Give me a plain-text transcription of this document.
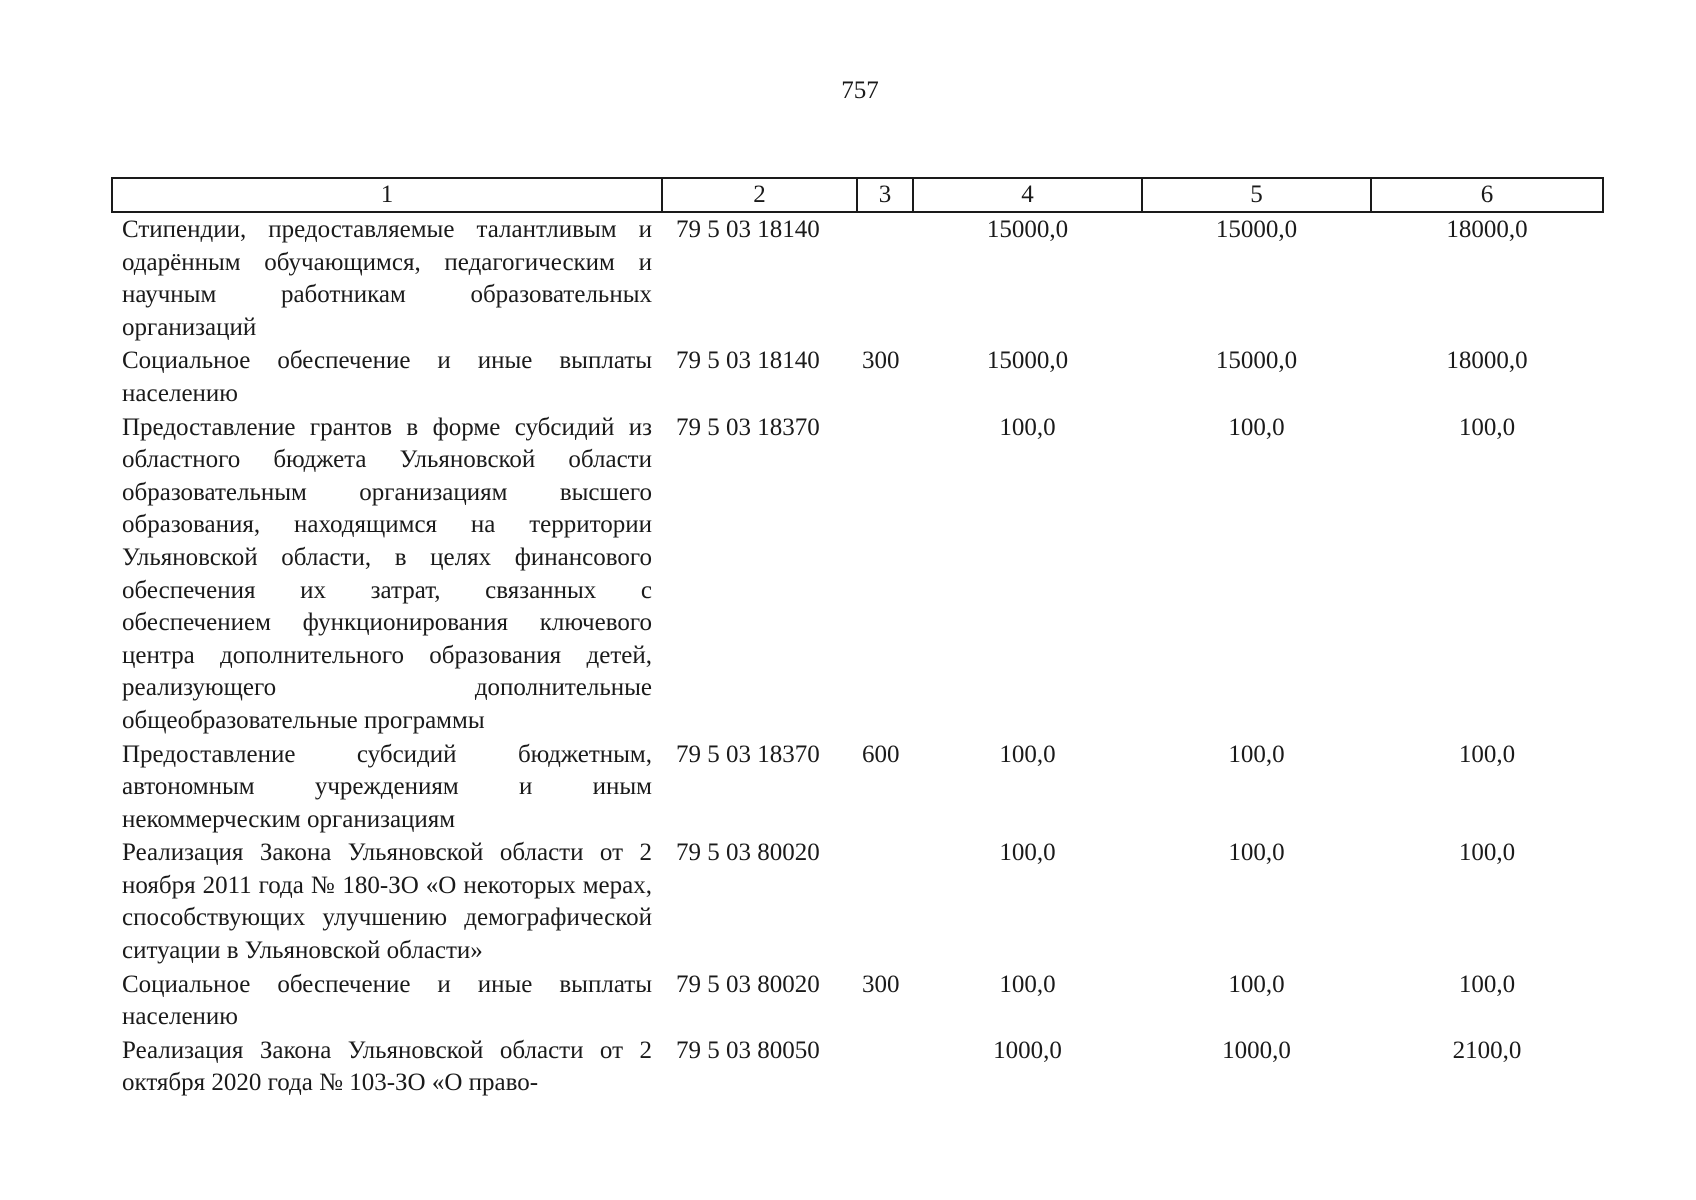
757
1	2	3	4	5	6
Стипендии, предоставляемые талантливым и одарённым обучающимся, педагогическим и научным работникам образовательных организаций	79 5 03 18140		15000,0	15000,0	18000,0
Социальное обеспечение и иные выплаты населению	79 5 03 18140	300	15000,0	15000,0	18000,0
Предоставление грантов в форме субсидий из областного бюджета Ульяновской области образовательным организациям высшего образования, находящимся на территории Ульяновской области, в целях финансового обеспечения их затрат, связанных с обеспечением функционирования ключевого центра дополнительного образования детей, реализующего дополнительные общеобразовательные программы	79 5 03 18370		100,0	100,0	100,0
Предоставление субсидий бюджетным, автономным учреждениям и иным некоммерческим организациям	79 5 03 18370	600	100,0	100,0	100,0
Реализация Закона Ульяновской области от 2 ноября 2011 года № 180-ЗО «О некоторых мерах, способствующих улучшению демографической ситуации в Ульяновской области»	79 5 03 80020		100,0	100,0	100,0
Социальное обеспечение и иные выплаты населению	79 5 03 80020	300	100,0	100,0	100,0
Реализация Закона Ульяновской области от 2 октября 2020 года № 103-ЗО «О право-	79 5 03 80050		1000,0	1000,0	2100,0
